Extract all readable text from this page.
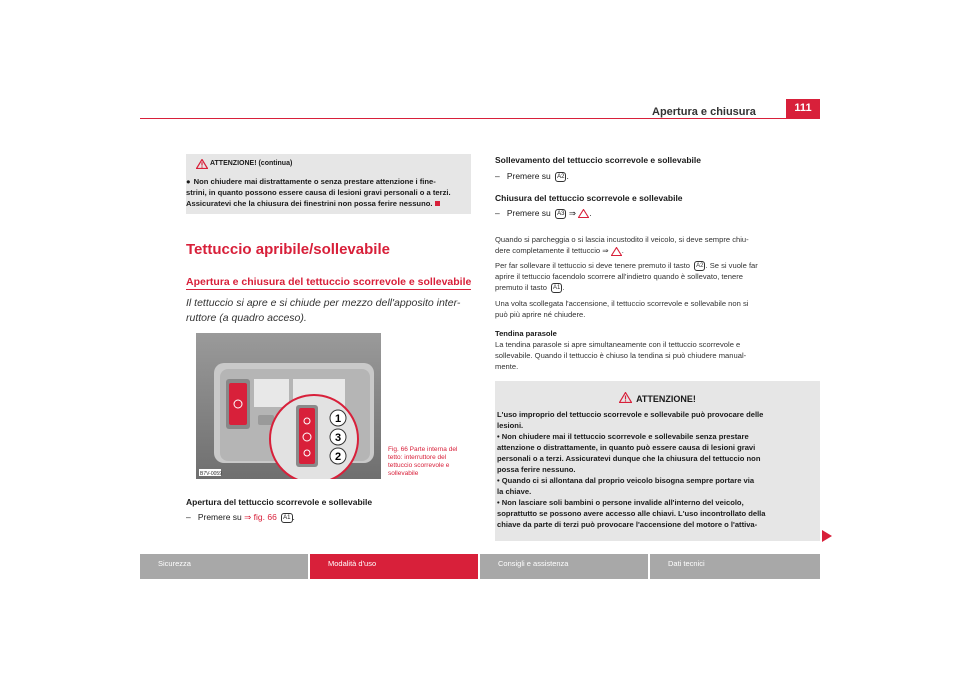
Apertura e chiusura	111
ATTENZIONE! (continua)
● Non chiudere mai distrattamente o senza prestare attenzione i fine-
strini, in quanto possono essere causa di lesioni gravi personali o a terzi.
Assicuratevi che la chiusura dei finestrini non possa ferire nessuno.
Tettuccio apribile/sollevabile
Apertura e chiusura del tettuccio scorrevole e sollevabile
Il tettuccio si apre e si chiude per mezzo dell'apposito inter-
ruttore (a quadro acceso).
1
3
2
B7V-0059
Fig. 66 Parte interna del
tetto: interruttore del
tettuccio scorrevole e
sollevabile
Apertura del tettuccio scorrevole e sollevabile
– Premere su ⇒ fig. 66 A1 .
Sollevamento del tettuccio scorrevole e sollevabile
– Premere su A2 .
Chiusura del tettuccio scorrevole e sollevabile
– Premere su A3 ⇒ .
Quando si parcheggia o si lascia incustodito il veicolo, si deve sempre chiu-
dere completamente il tettuccio ⇒ .
Per far sollevare il tettuccio si deve tenere premuto il tasto A2 . Se si vuole far
aprire il tettuccio facendolo scorrere all'indietro quando è sollevato, tenere
premuto il tasto A1 .
Una volta scollegata l'accensione, il tettuccio scorrevole e sollevabile non si
può più aprire né chiudere.
Tendina parasole
La tendina parasole si apre simultaneamente con il tettuccio scorrevole e
sollevabile. Quando il tettuccio è chiuso la tendina si può chiudere manual-
mente.
ATTENZIONE!
L'uso improprio del tettuccio scorrevole e sollevabile può provocare delle
lesioni.
• Non chiudere mai il tettuccio scorrevole e sollevabile senza prestare
attenzione o distrattamente, in quanto può essere causa di lesioni gravi
personali o a terzi. Assicuratevi dunque che la chiusura del tettuccio non
possa ferire nessuno.
• Quando ci si allontana dal proprio veicolo bisogna sempre portare via
la chiave.
• Non lasciare soli bambini o persone invalide all'interno del veicolo,
soprattutto se possono avere accesso alle chiavi. L'uso incontrollato della
chiave da parte di terzi può provocare l'accensione del motore o l'attiva-
Sicurezza	Modalità d'uso	Consigli e assistenza	Dati tecnici
